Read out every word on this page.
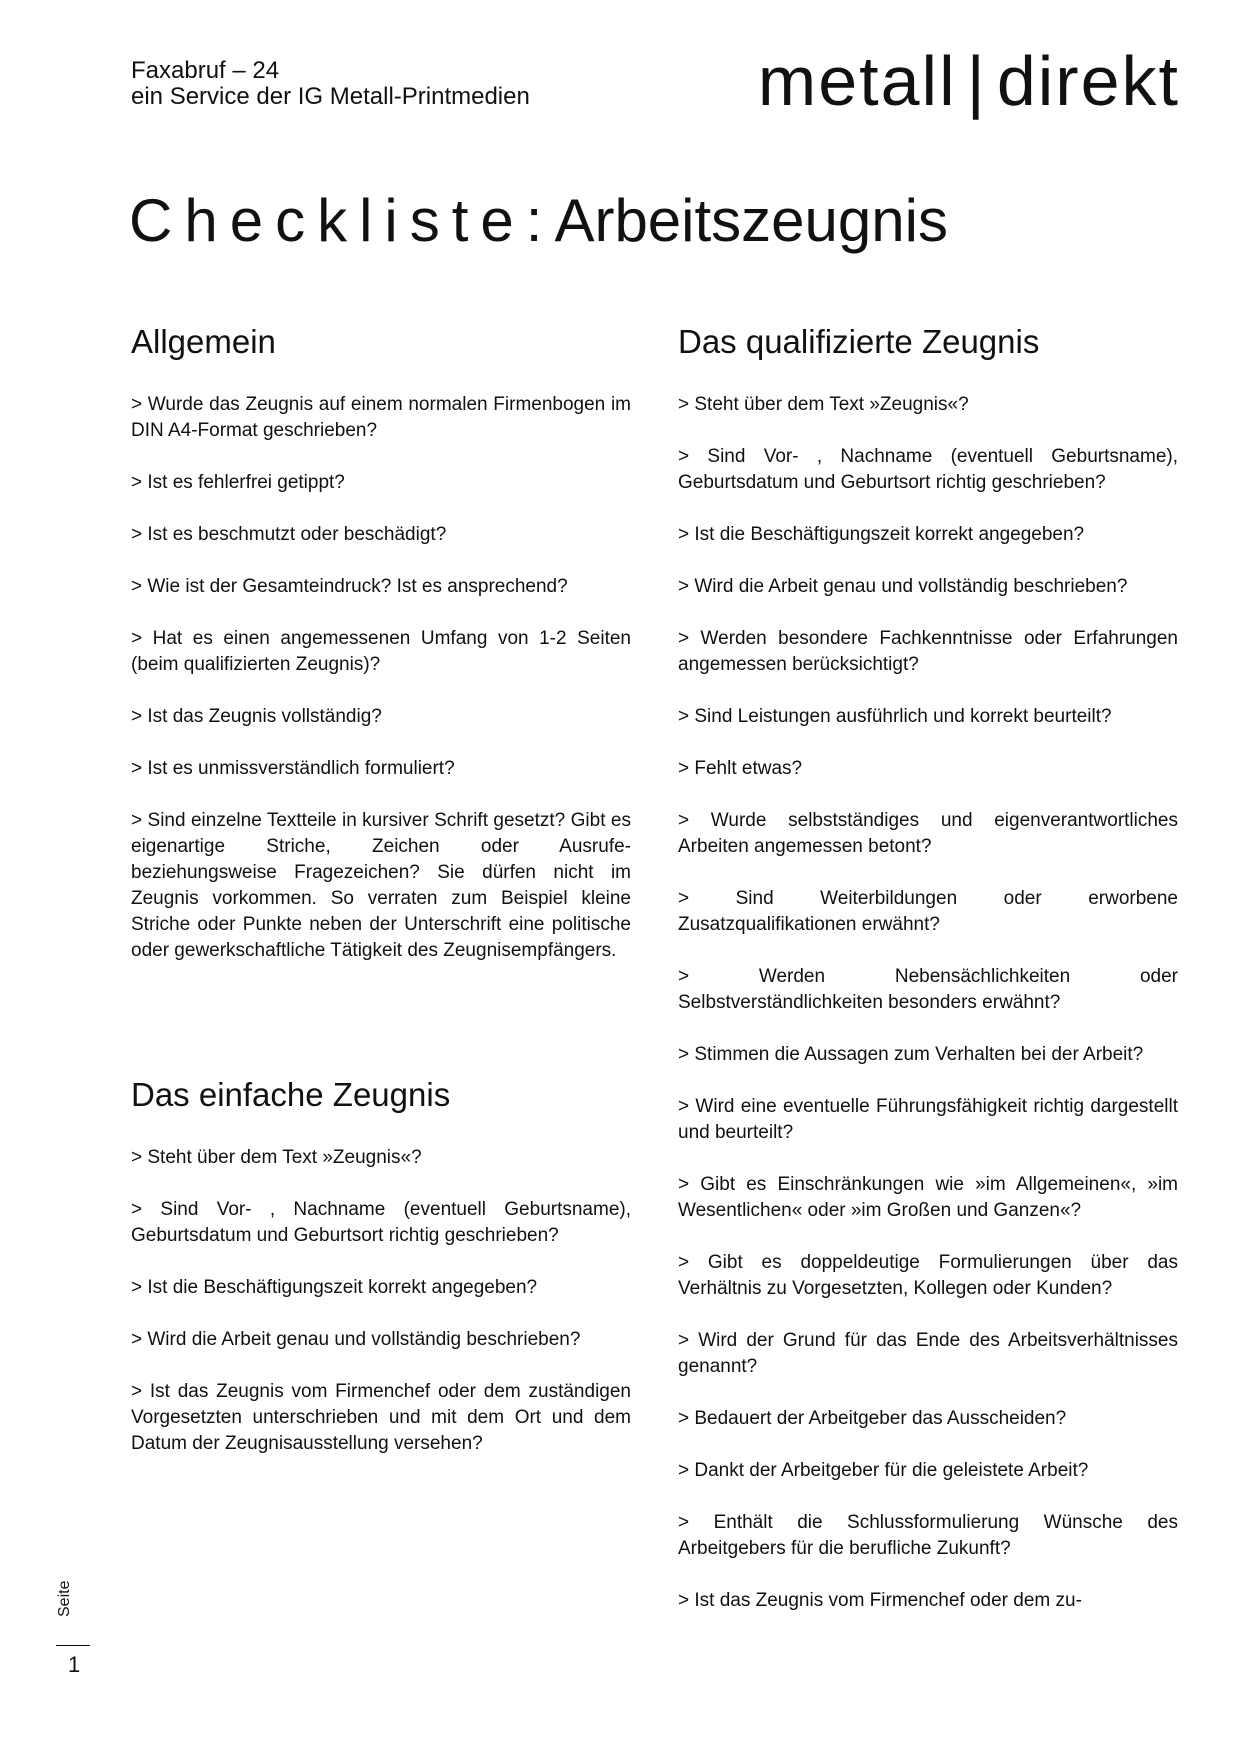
Faxabruf – 24
ein Service der IG Metall-Printmedien	metall | direkt
Checkliste:Arbeitszeugnis
Allgemein

> Wurde das Zeugnis auf einem normalen Firmenbogen im DIN A4-Format geschrieben?

> Ist es fehlerfrei getippt?

> Ist es beschmutzt oder beschädigt?

> Wie ist der Gesamteindruck? Ist es ansprechend?

> Hat es einen angemessenen Umfang von 1-2 Seiten (beim qualifizierten Zeugnis)?

> Ist das Zeugnis vollständig?

> Ist es unmissverständlich formuliert?

> Sind einzelne Textteile in kursiver Schrift gesetzt? Gibt es eigenartige Striche, Zeichen oder Ausrufe- beziehungsweise Fragezeichen? Sie dürfen nicht im Zeugnis vorkommen. So verraten zum Beispiel kleine Striche oder Punkte neben der Unterschrift eine politische oder gewerkschaftliche Tätigkeit des Zeugnisempfängers.

Das einfache Zeugnis

> Steht über dem Text »Zeugnis«?

> Sind Vor- , Nachname (eventuell Geburtsname), Geburtsdatum und Geburtsort richtig geschrieben?

> Ist die Beschäftigungszeit korrekt angegeben?

> Wird die Arbeit genau und vollständig beschrieben?

> Ist das Zeugnis vom Firmenchef oder dem zuständigen Vorgesetzten unterschrieben und mit dem Ort und dem Datum der Zeugnisausstellung versehen?

Das qualifizierte Zeugnis

> Steht über dem Text »Zeugnis«?

> Sind Vor- , Nachname (eventuell Geburtsname), Geburtsdatum und Geburtsort richtig geschrieben?

> Ist die Beschäftigungszeit korrekt angegeben?

> Wird die Arbeit genau und vollständig beschrieben?

> Werden besondere Fachkenntnisse oder Erfahrungen angemessen berücksichtigt?

> Sind Leistungen ausführlich und korrekt beurteilt?

> Fehlt etwas?

> Wurde selbstständiges und eigenverantwortliches Arbeiten angemessen betont?

> Sind Weiterbildungen oder erworbene Zusatzqualifikationen erwähnt?

> Werden Nebensächlichkeiten oder Selbstverständlichkeiten besonders erwähnt?

> Stimmen die Aussagen zum Verhalten bei der Arbeit?

> Wird eine eventuelle Führungsfähigkeit richtig dargestellt und beurteilt?

> Gibt es Einschränkungen wie »im Allgemeinen«, »im Wesentlichen« oder »im Großen und Ganzen«?

> Gibt es doppeldeutige Formulierungen über das Verhältnis zu Vorgesetzten, Kollegen oder Kunden?

> Wird der Grund für das Ende des Arbeitsverhältnisses genannt?

> Bedauert der Arbeitgeber das Ausscheiden?

> Dankt der Arbeitgeber für die geleistete Arbeit?

> Enthält die Schlussformulierung Wünsche des Arbeitgebers für die berufliche Zukunft?

> Ist das Zeugnis vom Firmenchef oder dem zu-

Seite
1
